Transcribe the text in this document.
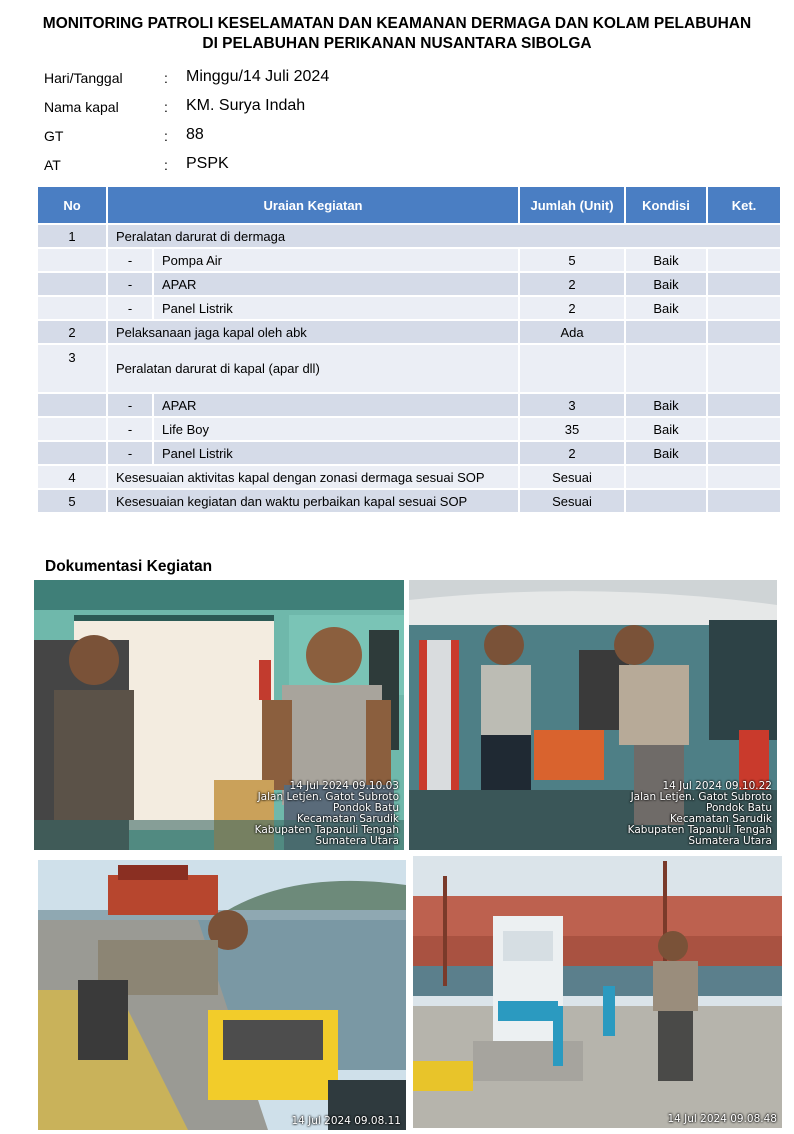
MONITORING PATROLI KESELAMATAN DAN KEAMANAN DERMAGA DAN KOLAM PELABUHAN
DI PELABUHAN PERIKANAN NUSANTARA SIBOLGA
Hari/Tanggal	: Minggu/14 Juli 2024
Nama kapal	: KM. Surya Indah
GT	: 88
AT	: PSPK
No	Uraian Kegiatan		Jumlah (Unit)	Kondisi	Ket.
1	Peralatan darurat di dermaga				
	-	Pompa Air	5	Baik	
	-	APAR	2	Baik	
	-	Panel Listrik	2	Baik	
2	Pelaksanaan jaga kapal oleh abk		Ada		
3	Peralatan darurat di kapal (apar dll)				
	-	APAR	3	Baik	
	-	Life Boy	35	Baik	
	-	Panel Listrik	2	Baik	
4	Kesesuaian aktivitas kapal dengan zonasi dermaga sesuai SOP		Sesuai		
5	Kesesuaian kegiatan dan waktu perbaikan kapal sesuai SOP		Sesuai		
Dokumentasi Kegiatan
14 Jul 2024 09.10.03
Jalan Letjen. Gatot Subroto
Pondok Batu
Kecamatan Sarudik
Kabupaten Tapanuli Tengah
Sumatera Utara
14 Jul 2024 09.10.22
Jalan Letjen. Gatot Subroto
Pondok Batu
Kecamatan Sarudik
Kabupaten Tapanuli Tengah
Sumatera Utara
14 Jul 2024 09.08.11	14 Jul 2024 09.08.48
